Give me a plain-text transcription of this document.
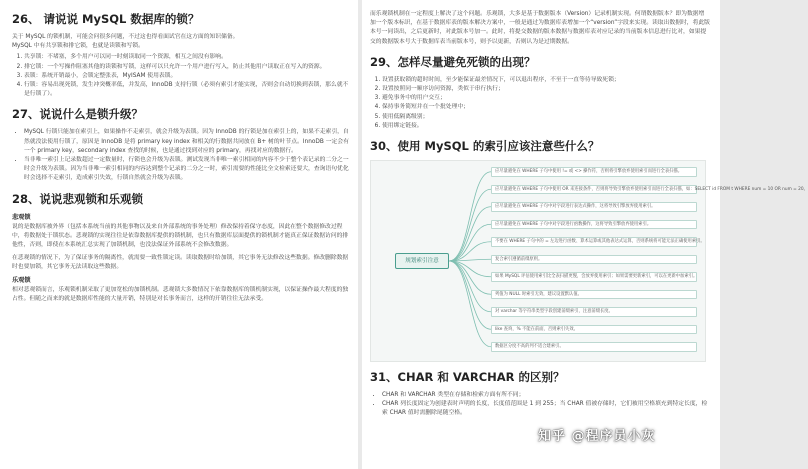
26、 请说说 MySQL 数据库的锁？

关于 MySQL 的锁机制，可能会问很多问题，不过这也得看面试官在这方面的知识储备。

MySQL 中有共享锁和排它锁，也就是读锁和写锁。

1. 共享锁：不堵塞，多个用户可以同一时刻读取同一个资源，相互之间没有影响。
2. 排它锁：一个写操作阻塞其他的读锁和写锁，这样可以只允许一个用户进行写入，防止其他用户读取正在写入的资源。
3. 表锁：系统开销最小，会锁定整张表，MyISAM 使用表锁。
4. 行锁：容易出现死锁，发生冲突概率低，并发高，InnoDB 支持行锁（必须有索引才能实现，否则会自动切换到表锁，那么就不是行锁了）。
27、说说什么是锁升级？
• MySQL 行锁只能加在索引上，如果操作不走索引，就会升级为表锁。因为 InnoDB 的行锁是加在索引上的，如果不走索引，自然就没法使用行锁了，原因是 InnoDB 是将 primary key index 和相关的行数据共同放在 B+ 树的叶节点。InnoDB 一定会有一个 primary key，secondary index 查找的时候，也是通过找到对应的 primary，再找对应的数据行。
• 当非唯一索引上记录数超过一定数量时，行锁也会升级为表锁。测试发现当非唯一索引相同的内容不少于整个表记录的二分之一时会升级为表锁。因为当非唯一索引相同的内容达到整个记录的二分之一时，索引需要的性能比全文检索还要大，查询语句优化时会选择不走索引，造成索引失效，行锁自然就会升级为表锁。
28、说说悲观锁和乐观锁
悲观锁

说的是数据库被外界（包括本系统当前的其他事物以及来自外部系统的事务处理）修改保持着保守态度，因此在整个数据修改过程中，将数据处于锁状态。悲观锁的实现往往是依靠数据库提供的锁机制，也只有数据库层面提供的锁机制才能真正保证数据访问的排他性，否则，即使在本系统汇总实现了加锁机制，也没法保证外部系统不会修改数据。

在悲观锁的情况下，为了保证事务的隔离性，就需要一致性锁定读。读取数据时给加锁，其它事务无法修改这些数据。修改删除数据时也要加锁，其它事务无法读取这些数据。

乐观锁

相对悲观锁而言，乐观锁机制采取了更加宽松的加锁机制。悲观锁大多数情况下依靠数据库的锁机制实现，以保证操作最大程度的独占性。但随之而来的就是数据库性能的大量开销，特别是对长事务而言，这样的开销往往无法承受。

而乐观锁机制在一定程度上解决了这个问题。乐观锁，大多是基于数据版本（Version）记录机制实现。何谓数据版本？即为数据增加一个版本标识，在基于数据库表的版本解决方案中，一般是通过为数据库表增加一个“version”字段来实现。读取出数据时，将此版本号一同读出，之后更新时，对此版本号加一。此时，将提交数据的版本数据与数据库表对应记录的当前版本信息进行比对，如果提交的数据版本号大于数据库表当前版本号，则予以更新，否则认为是过期数据。

29、怎样尽量避免死锁的出现？
1. 设置获取锁的超时时间，至少能保证最差情况下，可以退出程序，不至于一直等待导致死锁；
2. 设置按照同一顺序访问资源，类似于串行执行；
3. 避免事务中的用户交互；
4. 保持事务简短并在一个批处理中；
5. 使用低隔离级别；
6. 使用绑定链接。
30、使用 MySQL 的索引应该注意些什么？
规划索引注意
应尽量避免在 WHERE 子句中使用 != 或 <> 操作符，否则将引擎放弃使用索引而进行全表扫描。
应尽量避免在 WHERE 子句中使用 OR 来连接条件，否则将导致引擎放弃使用索引而进行全表扫描，如：SELECT id FROM t WHERE num = 10 OR num = 20。
应尽量避免在 WHERE 子句中对字段进行表达式操作，这将导致引擎放弃使用索引。
应尽量避免在 WHERE 子句中对字段进行函数操作，这将导致引擎放弃使用索引。
不要在 WHERE 子句中的 = 左边进行函数、算术运算或其他表达式运算，否则系统将可能无法正确使用索引。
复合索引遵循前缀原则。
如果 MySQL 评估使用索引比全表扫描更慢，会放弃使用索引；如果需要更新索引，可以在更新中加索引。
列值为 NULL 时索引无效，建议设置默认值。
对 varchar 等字符串类型字段创建前缀索引，注意前缀长度。
like 查询，% 不能在前面，否则索引失效。
数据区分度不高的列不适合建索引。
31、CHAR 和 VARCHAR 的区别？
• CHAR 和 VARCHAR 类型在存储和检索方面有所不同；
• CHAR 列长度固定为创建表时声明的长度，长度值范围是 1 到 255；当 CHAR 值被存储时，它们被用空格填充到特定长度，检索 CHAR 值时需删除尾随空格。
知乎 @程序员小灰
